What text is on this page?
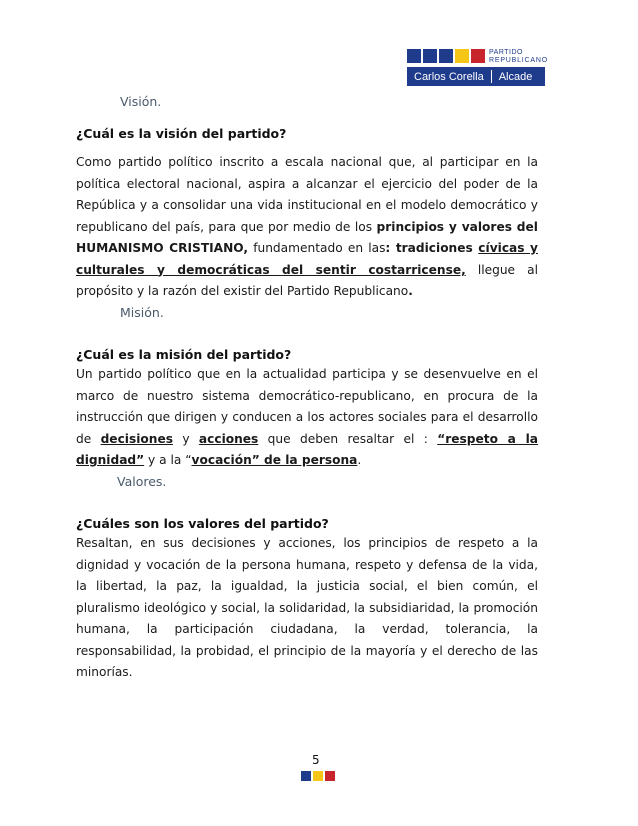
PARTIDO
REPUBLICANO
Carlos Corella Alcade
Visión.
¿Cuál es la visión del partido?
Como partido político inscrito a escala nacional que, al participar en la política electoral nacional, aspira a alcanzar el ejercicio del poder de la República y a consolidar una vida institucional en el modelo democrático y republicano del país, para que por medio de los principios y valores del HUMANISMO CRISTIANO, fundamentado en las: tradiciones cívicas y culturales y democráticas del sentir costarricense, llegue al propósito y la razón del existir del Partido Republicano.
Misión.
¿Cuál es la misión del partido?
Un partido político que en la actualidad participa y se desenvuelve en el marco de nuestro sistema democrático-republicano, en procura de la instrucción que dirigen y conducen a los actores sociales para el desarrollo de decisiones y acciones que deben resaltar el : “respeto a la dignidad” y a la “vocación” de la persona.
Valores.
¿Cuáles son los valores del partido?
Resaltan, en sus decisiones y acciones, los principios de respeto a la dignidad y vocación de la persona humana, respeto y defensa de la vida, la libertad, la paz, la igualdad, la justicia social, el bien común, el pluralismo ideológico y social, la solidaridad, la subsidiaridad, la promoción humana, la participación ciudadana, la verdad, tolerancia, la responsabilidad, la probidad, el principio de la mayoría y el derecho de las minorías.
5
